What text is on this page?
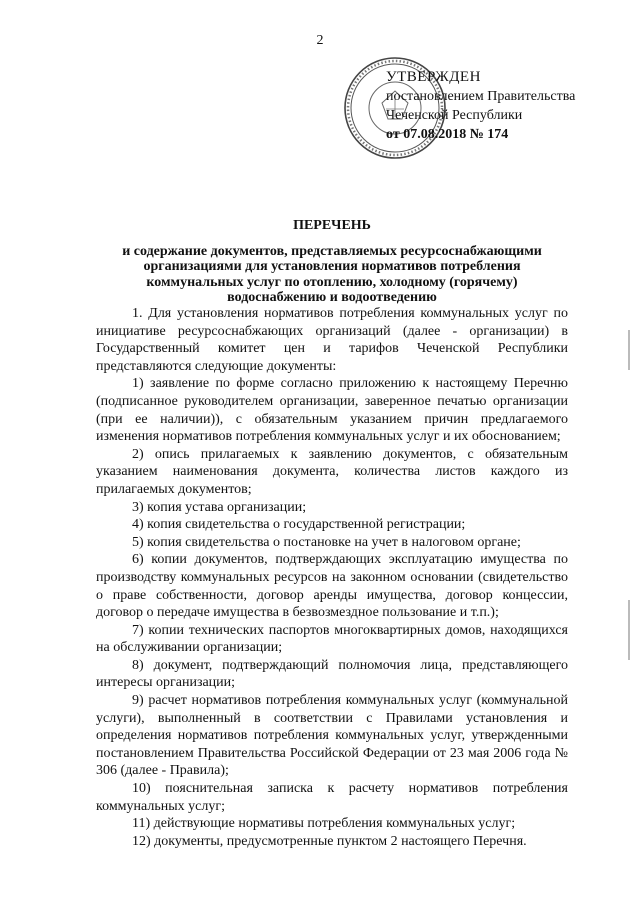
2
УТВЕРЖДЕН
постановлением Правительства
Чеченской Республики
от 07.08.2018 № 174
ПЕРЕЧЕНЬ
и содержание документов, представляемых ресурсоснабжающими организациями для установления нормативов потребления коммунальных услуг по отоплению, холодному (горячему) водоснабжению и водоотведению

1. Для установления нормативов потребления коммунальных услуг по инициативе ресурсоснабжающих организаций (далее - организации) в Государственный комитет цен и тарифов Чеченской Республики представляются следующие документы:

1) заявление по форме согласно приложению к настоящему Перечню (подписанное руководителем организации, заверенное печатью организации (при ее наличии)), с обязательным указанием причин предлагаемого изменения нормативов потребления коммунальных услуг и их обоснованием;

2) опись прилагаемых к заявлению документов, с обязательным указанием наименования документа, количества листов каждого из прилагаемых документов;

3) копия устава организации;

4) копия свидетельства о государственной регистрации;

5) копия свидетельства о постановке на учет в налоговом органе;

6) копии документов, подтверждающих эксплуатацию имущества по производству коммунальных ресурсов на законном основании (свидетельство о праве собственности, договор аренды имущества, договор концессии, договор о передаче имущества в безвозмездное пользование и т.п.);

7) копии технических паспортов многоквартирных домов, находящихся на обслуживании организации;

8) документ, подтверждающий полномочия лица, представляющего интересы организации;

9) расчет нормативов потребления коммунальных услуг (коммунальной услуги), выполненный в соответствии с Правилами установления и определения нормативов потребления коммунальных услуг, утвержденными постановлением Правительства Российской Федерации от 23 мая 2006 года № 306 (далее - Правила);

10) пояснительная записка к расчету нормативов потребления коммунальных услуг;

11) действующие нормативы потребления коммунальных услуг;

12) документы, предусмотренные пунктом 2 настоящего Перечня.
